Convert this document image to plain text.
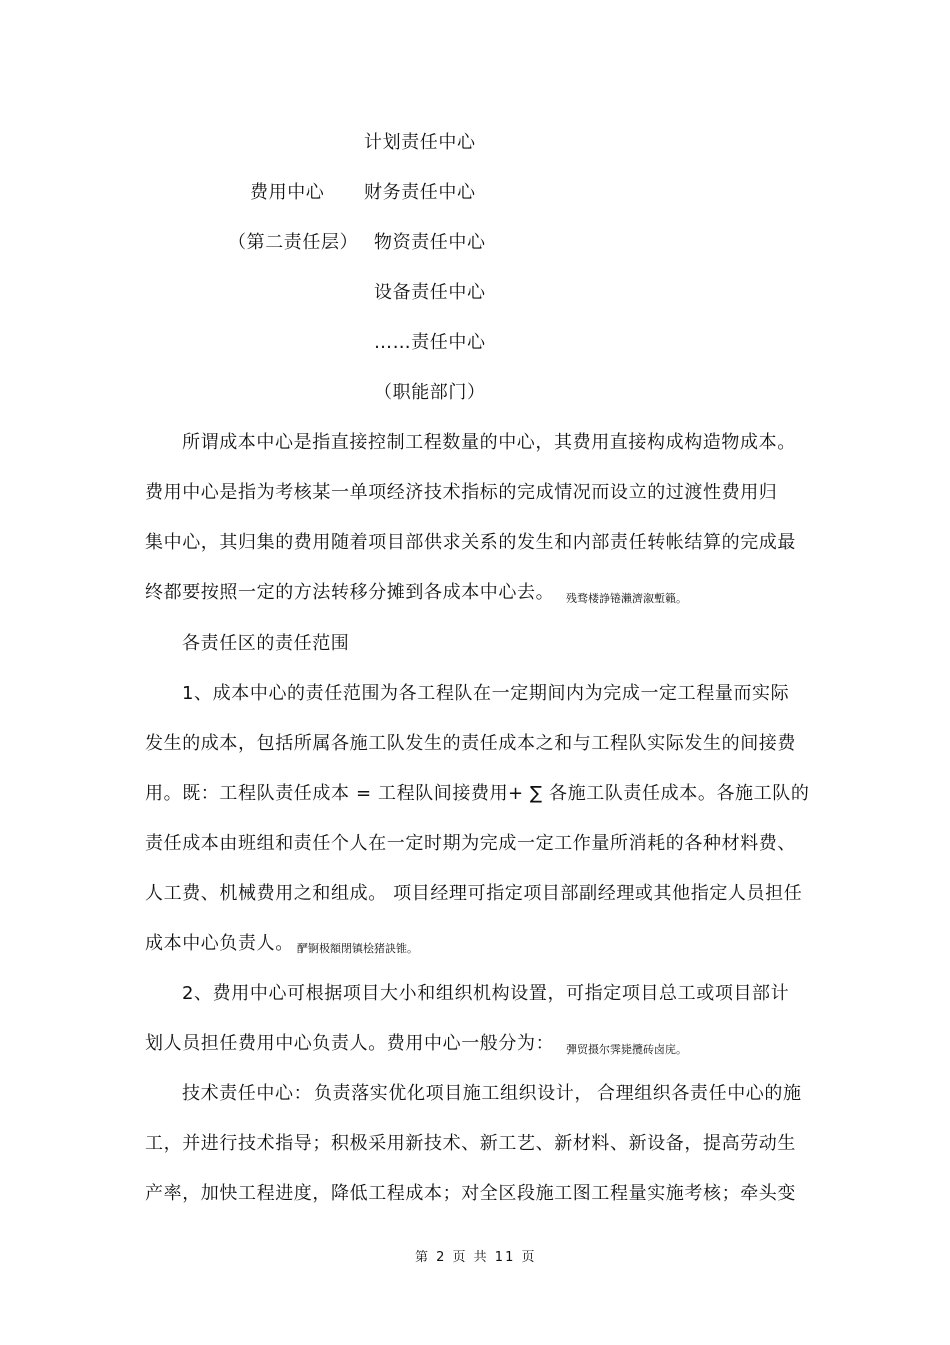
计划责任中心
费用中心 财务责任中心
（第二责任层） 物资责任中心
设备责任中心
……责任中心
（职能部门）
所谓成本中心是指直接控制工程数量的中心，其费用直接构成构造物成本。
费用中心是指为考核某一单项经济技术指标的完成情况而设立的过渡性费用归
集中心，其归集的费用随着项目部供求关系的发生和内部责任转帐结算的完成最
终都要按照一定的方法转移分摊到各成本中心去。 残骛楼諍锩瀨濟溆塹籟。
各责任区的责任范围
1、成本中心的责任范围为各工程队在一定期间内为完成一定工程量而实际
发生的成本，包括所属各施工队发生的责任成本之和与工程队实际发生的间接费
用。既：工程队责任成本 = 工程队间接费用 + ∑ 各施工队责任成本。各施工队的
责任成本由班组和责任个人在一定时期为完成一定工作量所消耗的各种材料费、
人工费、机械费用之和组成。 项目经理可指定项目部副经理或其他指定人员担任
成本中心负责人。 酽锕极額閉镇桧猪訣锥。
2、费用中心可根据项目大小和组织机构设置，可指定项目总工或项目部计
划人员担任费用中心负责人。费用中心一般分为： 彈贸摄尔霁毙攬砖卤庑。
技术责任中心： 负责落实优化项目施工组织设计， 合理组织各责任中心的施
工，并进行技术指导；积极采用新技术、新工艺、新材料、新设备，提高劳动生
产率，加快工程进度，降低工程成本；对全区段施工图工程量实施考核；牵头变
第 2 页 共 11 页
